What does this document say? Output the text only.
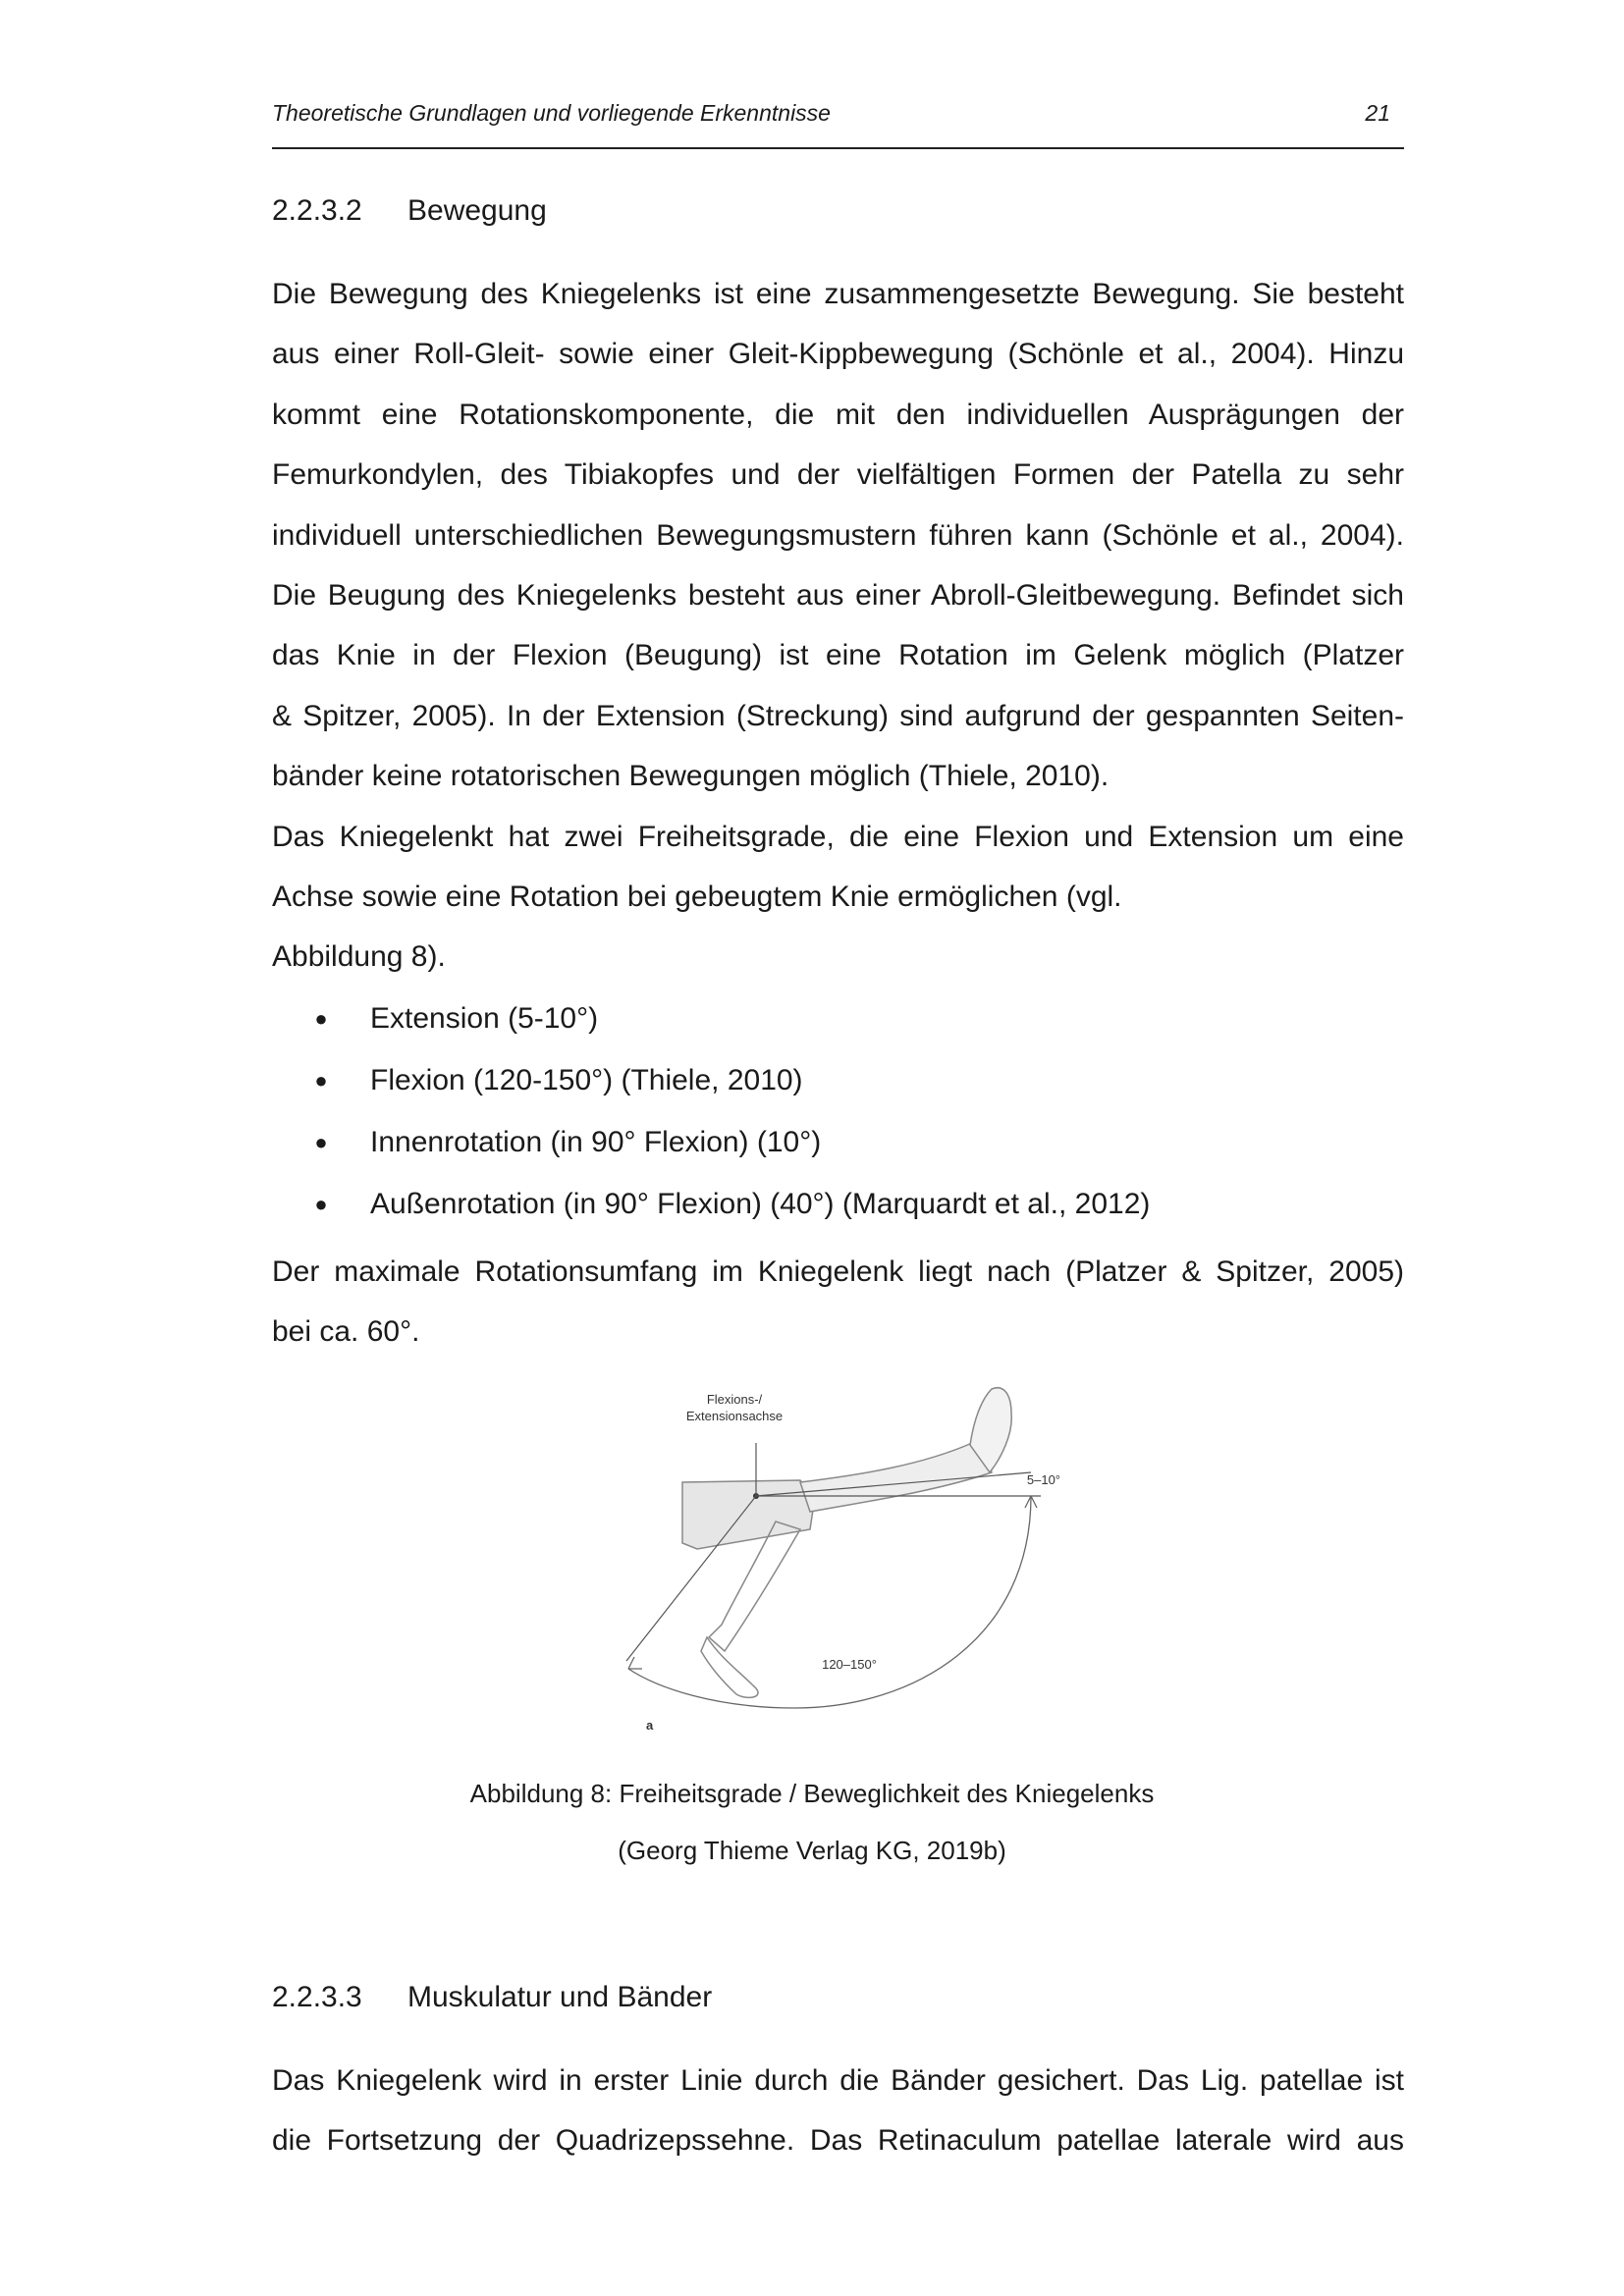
Theoretische Grundlagen und vorliegende Erkenntnisse	21
2.2.3.2 Bewegung
Die Bewegung des Kniegelenks ist eine zusammengesetzte Bewegung. Sie besteht
aus einer Roll-Gleit- sowie einer Gleit-Kippbewegung (Schönle et al., 2004). Hinzu
kommt eine Rotationskomponente, die mit den individuellen Ausprägungen der
Femurkondylen, des Tibiakopfes und der vielfältigen Formen der Patella zu sehr
individuell unterschiedlichen Bewegungsmustern führen kann (Schönle et al., 2004).
Die Beugung des Kniegelenks besteht aus einer Abroll-Gleitbewegung. Befindet sich
das Knie in der Flexion (Beugung) ist eine Rotation im Gelenk möglich (Platzer
& Spitzer, 2005). In der Extension (Streckung) sind aufgrund der gespannten Seiten-
bänder keine rotatorischen Bewegungen möglich (Thiele, 2010).
Das Kniegelenkt hat zwei Freiheitsgrade, die eine Flexion und Extension um eine
Achse sowie eine Rotation bei gebeugtem Knie ermöglichen (vgl.
Abbildung 8).
● Extension (5-10°)
● Flexion (120-150°) (Thiele, 2010)
● Innenrotation (in 90° Flexion) (10°)
● Außenrotation (in 90° Flexion) (40°) (Marquardt et al., 2012)
Der maximale Rotationsumfang im Kniegelenk liegt nach (Platzer & Spitzer, 2005)
bei ca. 60°.
Flexions-/
Extensionsachse
5–10°
120–150°
a
Abbildung 8: Freiheitsgrade / Beweglichkeit des Kniegelenks
(Georg Thieme Verlag KG, 2019b)
2.2.3.3 Muskulatur und Bänder
Das Kniegelenk wird in erster Linie durch die Bänder gesichert. Das Lig. patellae ist
die Fortsetzung der Quadrizepssehne. Das Retinaculum patellae laterale wird aus
